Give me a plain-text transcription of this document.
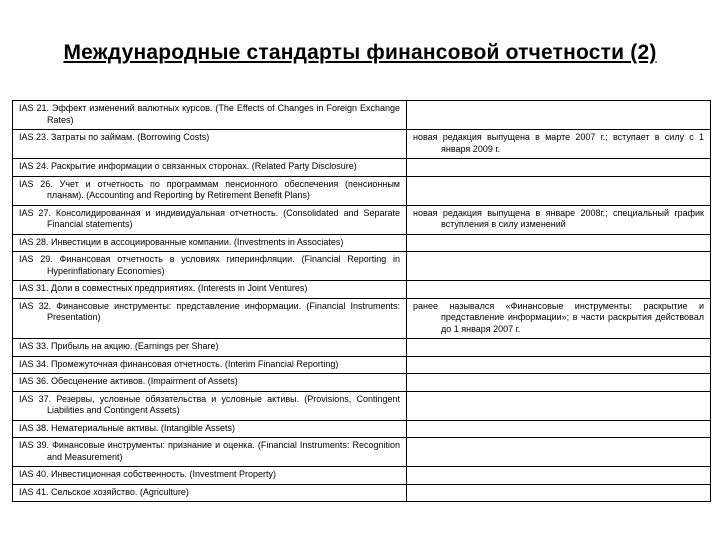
Международные стандарты финансовой отчетности (2)
IAS 21. Эффект изменений валютных курсов. (The Effects of Changes in Foreign Exchange Rates)	

IAS 23. Затраты по займам. (Borrowing Costs)	новая редакция выпущена в марте 2007 г.; вступает в силу с 1 января 2009 г.

IAS 24. Раскрытие информации о связанных сторонах. (Related Party Disclosure)	

IAS 26. Учет и отчетность по программам пенсионного обеспечения (пенсионным планам). (Accounting and Reporting by Retirement Benefit Plans)	

IAS 27. Консолидированная и индивидуальная отчетность. (Consolidated and Separate Financial statements)	новая редакция выпущена в январе 2008г.; специальный график вступления в силу изменений

IAS 28. Инвестиции в ассоциированные компании. (Investments in Associates)	

IAS 29. Финансовая отчетность в условиях гиперинфляции. (Financial Reporting in Hyperinflationary Economies)	

IAS 31. Доли в совместных предприятиях. (Interests in Joint Ventures)	

IAS 32. Финансовые инструменты: представление информации. (Financial Instruments: Presentation)	ранее назывался «Финансовые инструменты: раскрытие и представление информации»; в части раскрытия действовал до 1 января 2007 г.

IAS 33. Прибыль на акцию. (Earnings per Share)	

IAS 34. Промежуточная финансовая отчетность. (Interim Financial Reporting)	

IAS 36. Обесценение активов. (Impairment of Assets)	

IAS 37. Резервы, условные обязательства и условные активы. (Provisions, Contingent Liabilities and Contingent Assets)	

IAS 38. Нематериальные активы. (Intangible Assets)	

IAS 39. Финансовые инструменты: признание и оценка. (Financial Instruments: Recognition and Measurement)	

IAS 40. Инвестиционная собственность. (Investment Property)	

IAS 41. Сельское хозяйство. (Agriculture)	
